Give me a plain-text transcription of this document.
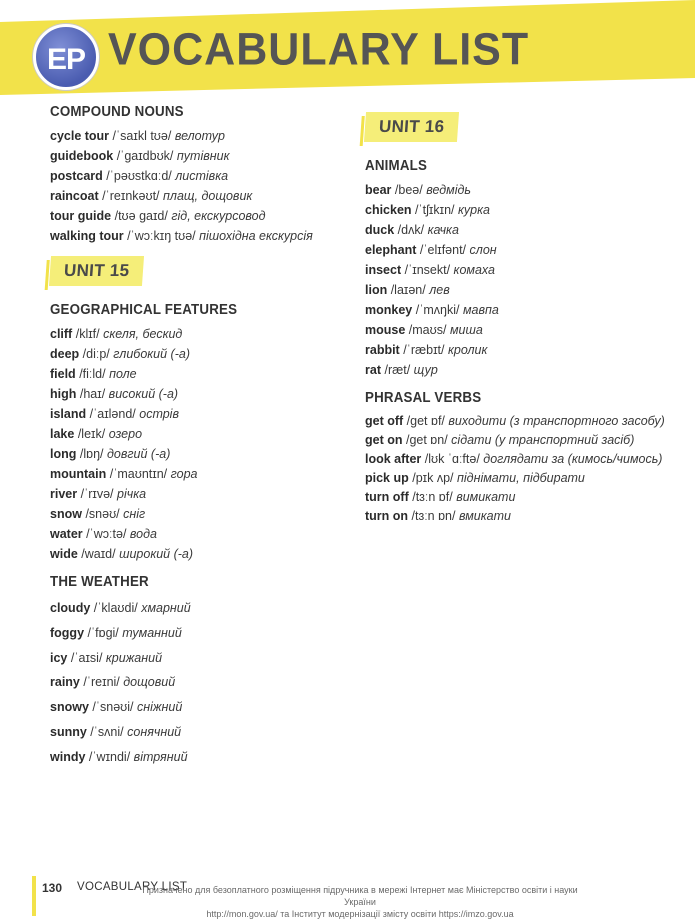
EP VOCABULARY LIST
COMPOUND NOUNS
cycle tour /ˈsaɪkl tʊə/ велотур
guidebook /ˈɡaɪdbʊk/ путівник
postcard /ˈpəʊstkɑːd/ листівка
raincoat /ˈreɪnkəʊt/ плащ, дощовик
tour guide /tʊə ɡaɪd/ гід, екскурсовод
walking tour /ˈwɔːkɪŋ tʊə/ пішохідна екскурсія
UNIT 15
GEOGRAPHICAL FEATURES
cliff /klɪf/ скеля, бескид
deep /diːp/ глибокий (-а)
field /fiːld/ поле
high /haɪ/ високий (-а)
island /ˈaɪlənd/ острів
lake /leɪk/ озеро
long /lɒŋ/ довгий (-а)
mountain /ˈmaʊntɪn/ гора
river /ˈrɪvə/ річка
snow /snəʊ/ сніг
water /ˈwɔːtə/ вода
wide /waɪd/ широкий (-а)
THE WEATHER
cloudy /ˈklaʊdi/ хмарний
foggy /ˈfɒɡi/ туманний
icy /ˈaɪsi/ крижаний
rainy /ˈreɪni/ дощовий
snowy /ˈsnəʊi/ сніжний
sunny /ˈsʌni/ сонячний
windy /ˈwɪndi/ вітряний
UNIT 16
ANIMALS
bear /beə/ ведмідь
chicken /ˈtʃɪkɪn/ курка
duck /dʌk/ качка
elephant /ˈelɪfənt/ слон
insect /ˈɪnsekt/ комаха
lion /laɪən/ лев
monkey /ˈmʌŋki/ мавпа
mouse /maʊs/ миша
rabbit /ˈræbɪt/ кролик
rat /ræt/ щур
PHRASAL VERBS
get off /ɡet ɒf/ виходити (з транспортного засобу)
get on /ɡet ɒn/ сідати (у транспортний засіб)
look after /lʊk ˈɑːftə/ доглядати за (кимось/чимось)
pick up /pɪk ʌp/ піднімати, підбирати
turn off /tɜːn ɒf/ вимикати
turn on /tɜːn ɒn/ вмикати
130 VOCABULARY LIST
Призначено для безоплатного розміщення підручника в мережі Інтернет має Міністерство освіти і науки України
http://mon.gov.ua/ та Інститут модернізації змісту освіти https://imzo.gov.ua
